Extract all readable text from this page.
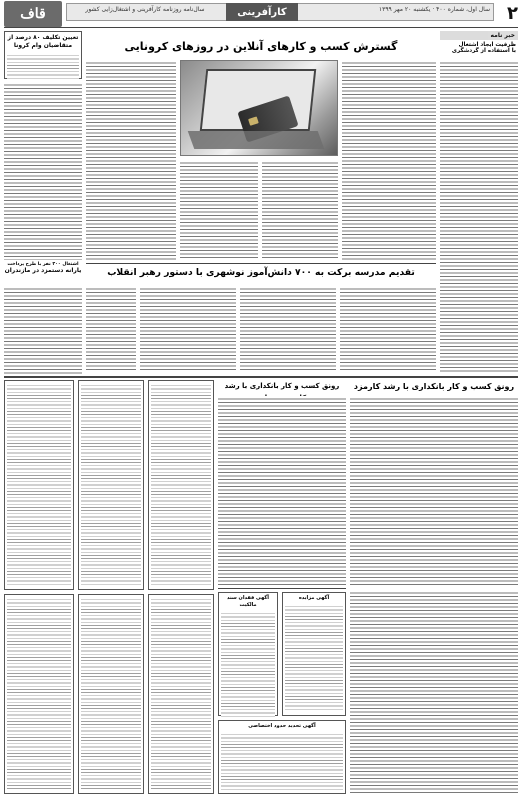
قاف	سال‌نامه روزنامه کارآفرینی و اشتغال‌زایی کشور	کارآفرینی	سال اول، شماره ۴۰۰ · یکشنبه ۲۰ مهر ۱۳۹۹ ۲
تعیین تکلیف ۸۰ درصد از متقاضیان وام کرونا
اشتغال ۳۰۰ نفر با طرح پرداخت
یارانه دستمزد در مازندران
خبر نامه
ظرفیت ایجاد اشتغال
با استفاده از گردشگری
گسترش کسب و کارهای آنلاین در روزهای کرونایی
تقدیم مدرسه برکت به ۷۰۰ دانش‌آموز نوشهری با دستور رهبر انقلاب
رونق کسب و کار بانکداری با رشد کارمزد
رونق کسب و کار بانکداری با رشد
آگهی مزایده
آگهی فقدان سند مالکیت
آگهی تحدید حدود اختصاصی
